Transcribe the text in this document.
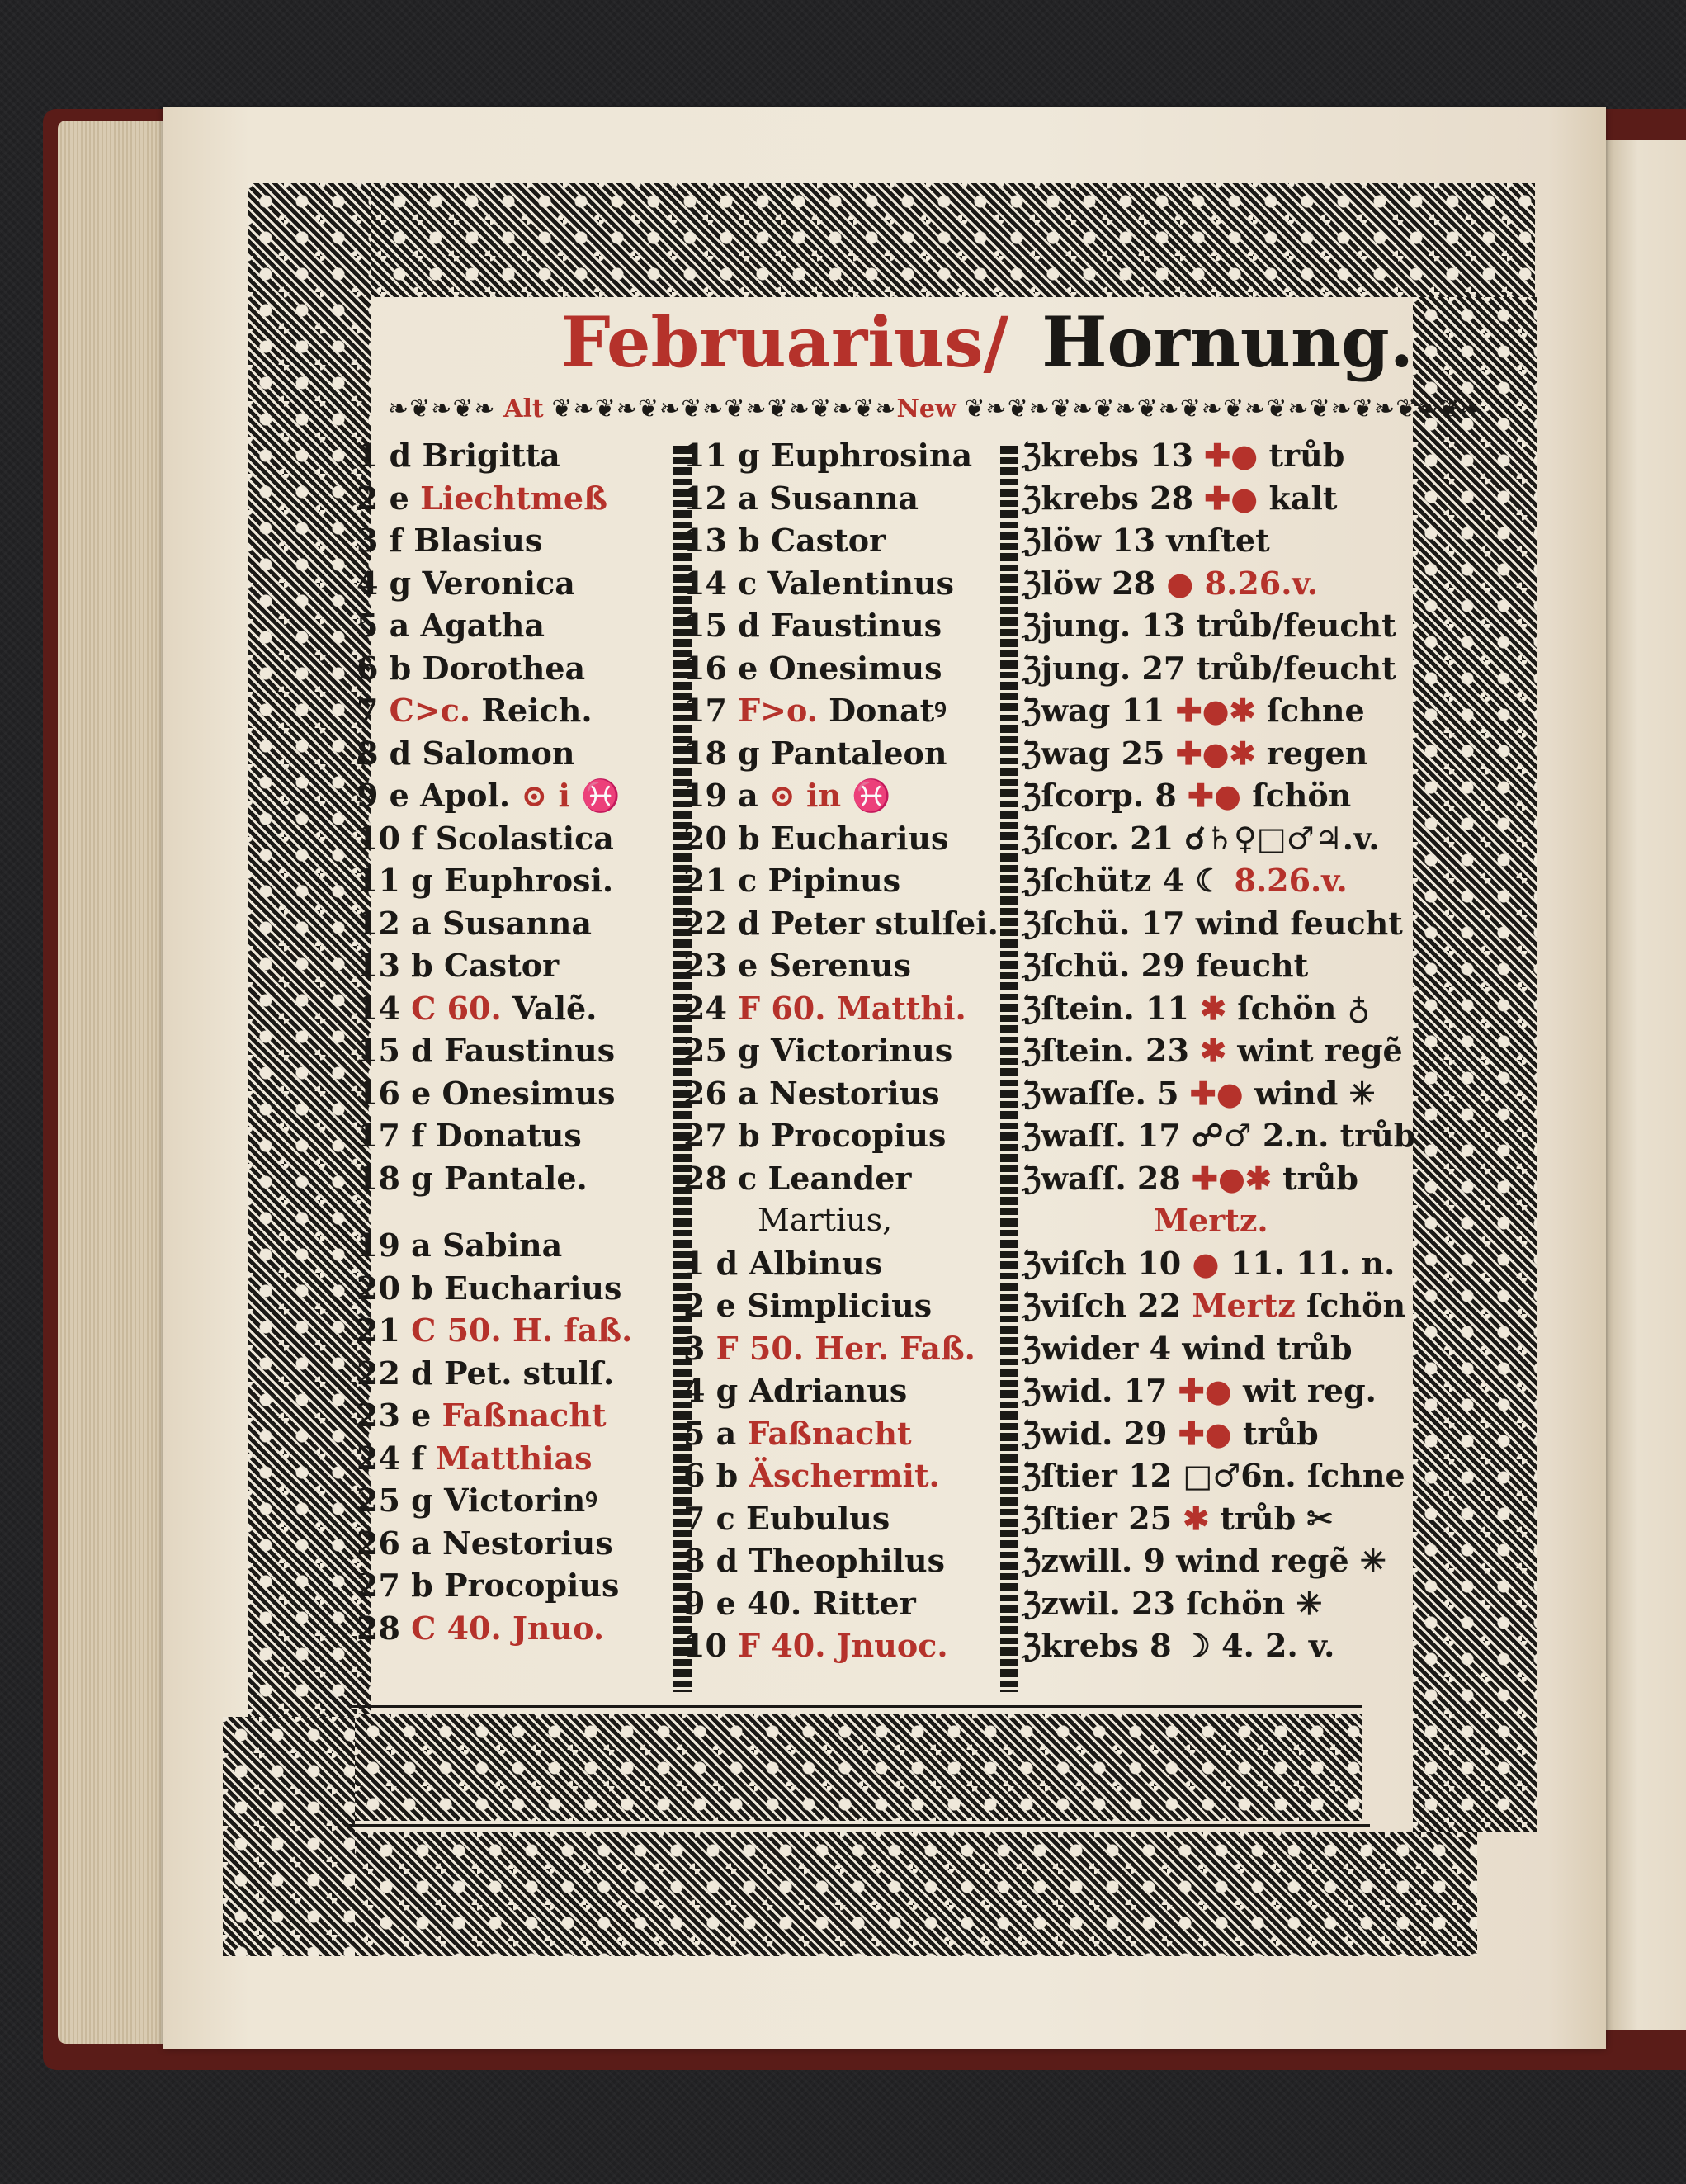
Februarius/ Hornung.
❧❦❧❦❧ Alt ❦❧❦❧❦❧❦❧❦❧❦❧❦❧❦❧New ❦❧❦❧❦❧❦❧❦❧❦❧❦❧❦❧❦❧❦❧❦❧❦❧
1 d Brigitta
2 e Liechtmeß
3 f Blasius
4 g Veronica
5 a Agatha
6 b Dorothea
7 C>c. Reich.
8 d Salomon
9 e Apol. ⊙ i ♓
10 f Scolastica
11 g Euphrosi.
12 a Susanna
13 b Castor
14 C 60. Valẽ.
15 d Faustinus
16 e Onesimus
17 f Donatus
18 g Pantale.
19 a Sabina
20 b Eucharius
21 C 50. H. faß.
22 d Pet. stulſ.
23 e Faßnacht
24 f Matthias
25 g Victorinꝰ
26 a Nestorius
27 b Procopius
28 C 40. Jnuo.
11 g Euphrosina
12 a Susanna
13 b Castor
14 c Valentinus
15 d Faustinus
16 e Onesimus
17 F>o. Donatꝰ
18 g Pantaleon
19 a ⊙ in ♓
20 b Eucharius
21 c Pipinus
22 d Peter stulſei.
23 e Serenus
24 F 60. Matthi.
25 g Victorinus
26 a Nestorius
27 b Procopius
28 c Leander
Martius,
1 d Albinus
2 e Simplicius
3 F 50. Her. Faß.
4 g Adrianus
5 a Faßnacht
6 b Äschermit.
7 c Eubulus
8 d Theophilus
9 e 40. Ritter
10 F 40. Jnuoc.
ℨkrebs 13 ✚● trůb
ℨkrebs 28 ✚● kalt
ℨlöw 13 vnſtet
ℨlöw 28 ● 8.26.v.
ℨjung. 13 trůb/feucht
ℨjung. 27 trůb/feucht
ℨwag 11 ✚●✱ ſchne
ℨwag 25 ✚●✱ regen
ℨſcorp. 8 ✚● ſchön
ℨſcor. 21 ☌♄♀□♂♃.v.
ℨſchütz 4 ☾ 8.26.v.
ℨſchü. 17 wind feucht
ℨſchü. 29 feucht
ℨſtein. 11 ✱ ſchön ♁
ℨſtein. 23 ✱ wint regẽ
ℨwaſſe. 5 ✚● wind ✳
ℨwaſſ. 17 ☍♂ 2.n. trůb
ℨwaſſ. 28 ✚●✱ trůb
Mertz.
ℨviſch 10 ● 11. 11. n.
ℨviſch 22 Mertz ſchön
ℨwider 4 wind trůb
ℨwid. 17 ✚● wit reg.
ℨwid. 29 ✚● trůb
ℨſtier 12 □♂6n. ſchne
ℨſtier 25 ✱ trůb ✂
ℨzwill. 9 wind regẽ ✳
ℨzwil. 23 ſchön ✳
ℨkrebs 8 ☽ 4. 2. v.
